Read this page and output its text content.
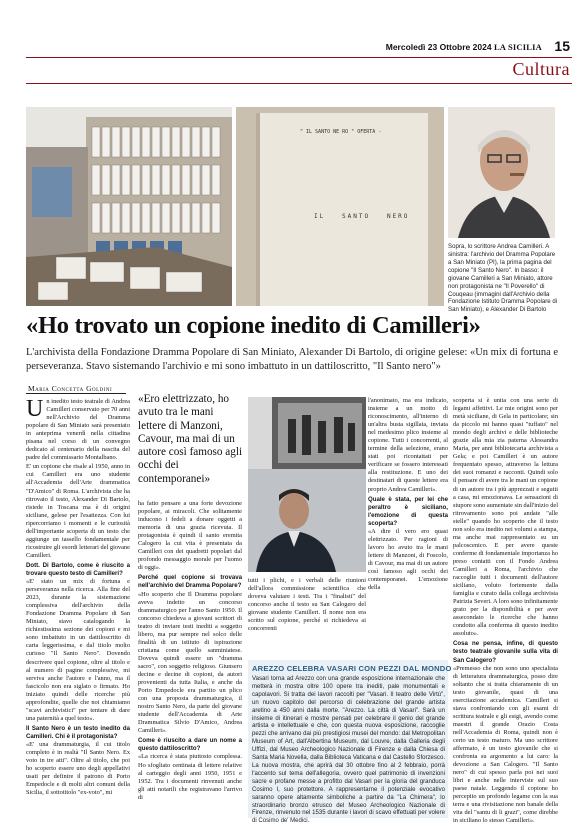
Mercoledì 23 Ottobre 2024 LA SICILIA 15
Cultura
" IL SANTO NE RO " OFERTA -
IL   SANTO   NERO
Sopra, lo scrittore Andrea Camilleri. A sinistra: l'archivio del Dramma Popolare a San Miniato (PI), la prima pagina del copione "Il Santo Nero". In basso: il giovane Camilleri a San Miniato, attore non protagonista ne "Il Poverello" di Couqeau (immagini dall'Archivio della Fondazione Istituto Dramma Popolare di San Miniato), e Alexander Di Bartolo
«Ho trovato un copione inedito di Camilleri»
L'archivista della Fondazione Dramma Popolare di San Miniato, Alexander Di Bartolo, di origine gelese: «Un mix di fortuna e perseveranza. Stavo sistemando l'archivio e mi sono imbattuto in un dattiloscritto, "Il Santo nero"»
Maria Concetta Goldini
U n inedito testo teatrale di Andrea Camilleri conservato per 70 anni nell'Archivio del Dramma popolare di San Miniato sarà presentato in anteprima venerdì nella cittadina pisana nel corso di un convegno dedicato al centenario della nascita del padre del commissario Montalbano.

E' un copione che risale al 1950, anno in cui Camilleri era uno studente all'Accademia dell'Arte drammatica "D'Amico" di Roma. L'archivista che ha ritrovato il testo, Alexander Di Bartolo, risiede in Toscana ma è di origini siciliane, gelese per l'esattezza. Con lui ripercorriamo i momenti e le curiosità dell'importante scoperta di un testo che aggiunge un tassello fondamentale per ricostruire gli esordi letterari del giovane Camilleri.

Dott. Di Bartolo, come è riuscito a trovare questo testo di Camilleri?

«E' stato un mix di fortuna e perseveranza nella ricerca. Alla fine del 2023, durante la sistemazione complessiva dell'archivio della Fondazione Dramma Popolare di San Miniato, stavo catalogando la richiestissima sezione dei copioni e mi sono imbattuto in un dattiloscritto di carta leggerissima, e dal titolo molto curioso "Il Santo Nero". Dovendo descrivere quel copione, oltre al titolo e al numero di pagine complessive, mi serviva anche l'autore e l'anno, ma il fascicolo non era siglato o firmato. Ho iniziato quindi delle ricerche più approfondite, quelle che noi chiamiamo "scavi archivistici" per tentare di dare una paternità a quel testo».

Il Santo Nero è un testo inedito da Camilleri. Chi è il protagonista?

«E' una drammaturgia, il cui titolo completo è in realtà "Il Santo Nero. Ex voto in tre atti". Oltre al titolo, che poi ho scoperto essere uno degli appellativi usati per definire il patrono di Porto Empedocle e di molti altri comuni della Sicilia, il sottotitolo "ex-voto", mi

«Ero elettrizzato, ho avuto tra le mani lettere di Manzoni, Cavour, ma mai di un autore così famoso agli occhi dei contemporanei»

ha fatto pensare a una forte devozione popolare, ai miracoli. Che solitamente inducono i fedeli a donare oggetti a memoria di una grazia ricevuta. Il protagonista è quindi il santo eremita Calogero la cui vita è presentata da Camilleri con dei quadretti popolari dal profondo messaggio morale per l'uomo di oggi».

Perché quel copione si trovava nell'archivio del Dramma Popolare?

«Ho scoperto che Il Dramma popolare aveva indetto un concorso drammaturgico per l'anno Santo 1950. Il concorso chiedeva a giovani scrittori di teatro di inviare testi inediti a soggetto libero, ma pur sempre nel solco delle finalità di un istituto di ispirazione cristiana come quello sanminiatese. Doveva quindi essere un "dramma sacro", con soggetto religioso. Giunsero decine e decine di copioni, da autori provenienti da tutta Italia, e anche da Porto Empedocle era partito un plico con una proposta drammaturgica, il nostro Santo Nero, da parte del giovane studente dell'Accademia di Arte Drammatica Silvio D'Amico, Andrea Camilleri».

Come è riuscito a dare un nome a questo dattiloscritto?

«La ricerca è stata piuttosto complessa. Ho sfogliato centinaia di lettere relative al carteggio degli anni 1950, 1951 e 1952. Tra i documenti rinvenuti anche gli atti notarili che registravano l'arrivo di

tutti i plichi, e i verbali delle riunioni dell'allora commissione scientifica che doveva valutare i testi. Tra i "finalisti" del concorso anche il testo su San Calogero del giovane studente Camilleri. Il nome non era scritto sul copione, perché si richiedeva ai concorrenti

l'anonimato, ma era indicato, insieme a un motto di riconoscimento, all'interno di un'altra busta sigillata, inviata nel medesimo plico insieme al copione. Tutti i concorrenti, al termine della selezione, erano stati poi ricontattati per verificare se fossero interessati alla restituzione. E uno dei destinatari di queste lettere era proprio Andrea Camilleri».

Quale è stata, per lei che peraltro è siciliano, l'emozione di questa scoperta?

«A dire il vero ero quasi elettrizzato. Per ragioni di lavoro ho avuto tra le mani lettere di Manzoni, di Foscolo, di Cavour, ma mai di un autore così famoso agli occhi dei contemporanei. L'emozione della

scoperta si è unita con una serie di legami affettivi. Le mie origini sono per metà siciliane, di Gela in particolare; sin da piccolo mi hanno quasi "tuffato" nel mondo degli archivi e delle biblioteche grazie alla mia zia paterna Alessandra Maria, per anni bibliotecaria archivista a Gela; e poi Camilleri è un autore frequentato spesso, attraverso la lettura dei suoi romanzi e racconti. Quindi solo il pensare di avere tra le mani un copione di un autore tra i più apprezzati e seguiti a casa, mi emozionava. Le sensazioni di stupore sono aumentate sin dall'inizio del ritrovamento sono poi andate "alle stelle" quando ho scoperto che il testo non solo era inedito nei volumi a stampa, ma anche mai rappresentato su un palcoscenico. E per avere queste conferme di fondamentale importanza ho preso contatti con il Fondo Andrea Camilleri a Roma, l'archivio che raccoglie tutti i documenti dell'autore siciliano, voluto fortemente dalla famiglia e curato dalla collega archivista Patrizia Severi. A loro sono infinitamente grato per la disponibilità e per aver assecondato le ricerche che hanno condotto alla conferma di questo inedito assoluto».

Cosa ne pensa, infine, di questo testo teatrale giovanile sulla vita di San Calogero?

«Premesso che non sono uno specialista di letteratura drammaturgica, posso dire soltanto che si tratta chiaramente di un testo giovanile, quasi di una esercitazione accademica. Camilleri si stava confrontando con gli esami di scrittura teatrale e gli esigi, avendo come maestri il grande Orazio Costa nell'Accademia di Roma, quindi non è certo un testo maturo. Ma uno scrittore affermato, è un testo giovanile che si confronta su argomento a lui caro: la devozione a San Calogero. "Il Santo nero" di cui spesso parla poi nei suoi libri e anche nelle interviste sul suo paese natale. Leggendo il copione ho percepito un profondo legame con la sua terra e una rivisitazione non banale della vita del "santu di li grazi", come direbbe in siciliano lo stesso Camilleri».

AREZZO CELEBRA VASARI CON PEZZI DAL MONDO
Vasari torna ad Arezzo con una grande esposizione internazionale che metterà in mostra oltre 100 opere tra inediti, pale monumentali e capolavori. Si tratta dei lavori raccolti per "Vasari. Il teatro delle Virtù", un nuovo capitolo del percorso di celebrazione del grande artista aretino a 450 anni dalla morte. "Arezzo. La città di Vasari". Sarà un insieme di itinerari e mostre pensati per celebrare il genio del grande artista e intellettuale e che, con questa nuova esposizione, raccoglie pezzi che arrivano dai più prestigiosi musei del mondo: dal Metropolitan Museum of Art, dall'Albertina Museum, dal Louvre, dalla Galleria degli Uffizi, dal Museo Archeologico Nazionale di Firenze e dalla Chiesa di Santa Maria Novella, dalla Biblioteca Vaticana e dal Castello Sforzesco. La nuova mostra, che aprirà dal 30 ottobre fino al 2 febbraio, porrà l'accento sul tema dell'allegoria, ovvero quel patrimonio di invenzioni sacre e profane messe a profitto dal Vasari per la gloria del granduca Cosimo I, suo protettore. A rappresentarne il potenziale evocativo saranno opere altamente simboliche a partire da "La Chimera", lo straordinario bronzo etrusco del Museo Archeologico Nazionale di Firenze, rinvenuto nel 1535 durante i lavori di scavo effettuati per volere di Cosimo de' Medici.
